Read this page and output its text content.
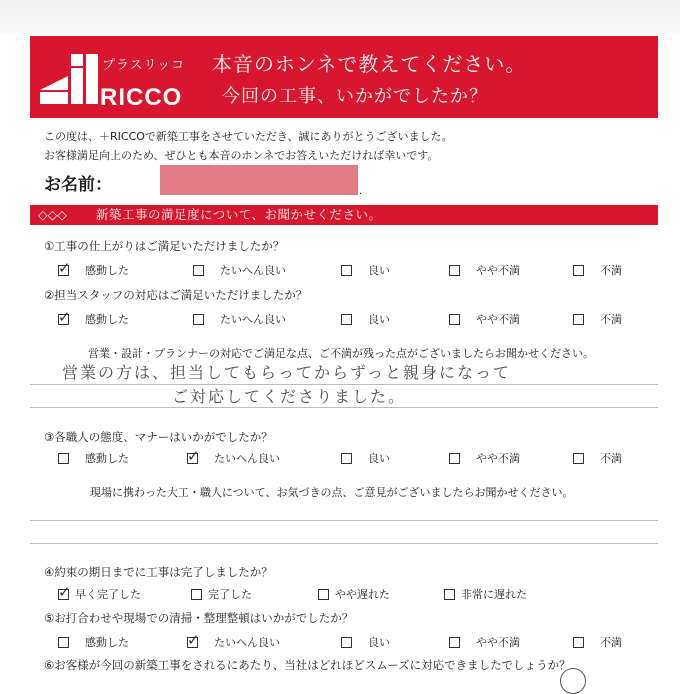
プラスリッコ
RICCO
本音のホンネで教えてください。
今回の工事、いかがでしたか？
この度は、＋RICCOで新築工事をさせていただき、誠にありがとうございました。
お客様満足向上のため、ぜひとも本音のホンネでお答えいただければ幸いです。
お名前：	.
◇◇◇ 新築工事の満足度について、お聞かせください。
①工事の仕上がりはご満足いただけましたか？
✓ 感動した	たいへん良い	良い	やや不満	不満
②担当スタッフの対応はご満足いただけましたか？
✓ 感動した	たいへん良い	良い	やや不満	不満
営業・設計・プランナーの対応でご満足な点、ご不満が残った点がございましたらお聞かせください。
営業の方は、担当してもらってからずっと親身になって
ご対応してくださりました。
③各職人の態度、マナーはいかがでしたか？
感動した	✓ たいへん良い	良い	やや不満	不満
現場に携わった大工・職人について、お気づきの点、ご意見がございましたらお聞かせください。
④約束の期日までに工事は完了しましたか？
✓ 早く完了した	完了した	やや遅れた	非常に遅れた
⑤お打合わせや現場での清掃・整理整頓はいかがでしたか？
感動した	✓ たいへん良い	良い	やや不満	不満
⑥お客様が今回の新築工事をされるにあたり、当社はどれほどスムーズに対応できましたでしょうか？
